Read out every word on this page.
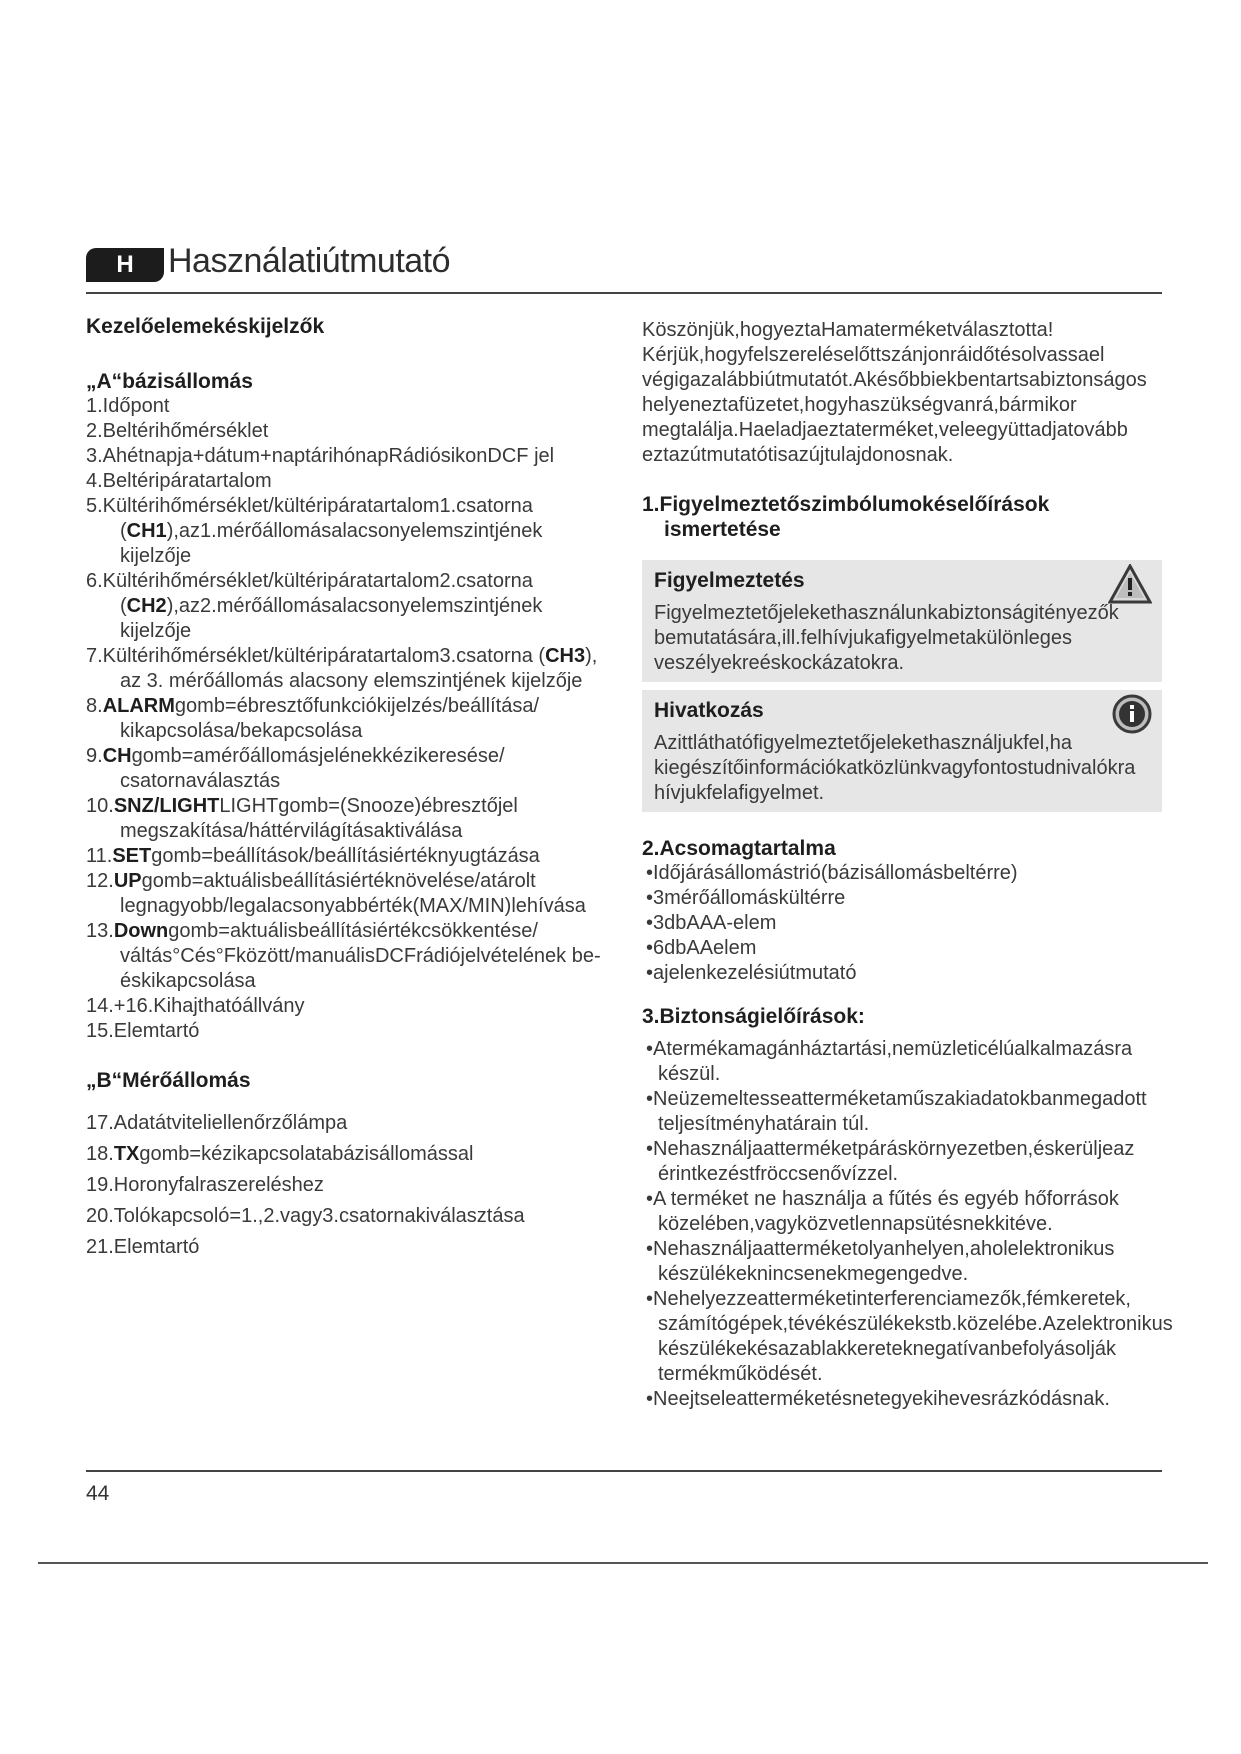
H	Használatiútmutató
Kezelőelemekéskijelzők
„A“bázisállomás
1.Időpont
2.Beltérihőmérséklet
3.Ahétnapja+dátum+naptárihónapRádiósikonDCF jel
4.Beltéripáratartalom
5.Kültérihőmérséklet/kültéripáratartalom1.csatorna (CH1),az1.mérőállomásalacsonyelemszintjének kijelzője
6.Kültérihőmérséklet/kültéripáratartalom2.csatorna (CH2),az2.mérőállomásalacsonyelemszintjének kijelzője
7.Kültérihőmérséklet/kültéripáratartalom3.csatorna (CH3), az 3. mérőállomás alacsony elemszintjének kijelzője
8.ALARMgomb=ébresztőfunkciókijelzés/beállítása/ kikapcsolása/bekapcsolása
9.CHgomb=amérőállomásjelénekkézikeresése/ csatornaválasztás
10.SNZ/LIGHTLIGHTgomb=(Snooze)ébresztőjel megszakítása/háttérvilágításaktiválása
11.SETgomb=beállítások/beállításiértéknyugtázása
12.UPgomb=aktuálisbeállításiértéknövelése/atárolt legnagyobb/legalacsonyabbérték(MAX/MIN)lehívása
13.Downgomb=aktuálisbeállításiértékcsökkentése/ váltás°Cés°Fközött/manuálisDCFrádiójelvételének be-éskikapcsolása
14.+16.Kihajthatóállvány
15.Elemtartó
„B“Mérőállomás
17.Adatátviteliellenőrzőlámpa
18.TXgomb=kézikapcsolatabázisállomással
19.Horonyfalraszereléshez
20.Tolókapcsoló=1.,2.vagy3.csatornakiválasztása
21.Elemtartó
Köszönjük,hogyeztaHamaterméketválasztotta!
Kérjük,hogyfelszereléselőttszánjonráidőtésolvassael
végigazalábbiútmutatót.Akésőbbiekbentartsabiztonságos
helyeneztafüzetet,hogyhaszükségvanrá,bármikor
megtalálja.Haeladjaeztaterméket,veleegyüttadjatovább
eztazútmutatótisazújtulajdonosnak.
1.Figyelmeztetőszimbólumokéselőírások
ismertetése
Figyelmeztetés
Figyelmeztetőjelekethasználunkabiztonságitényezők bemutatására,ill.felhívjukafigyelmetakülönleges veszélyekreéskockázatokra.
Hivatkozás
Azittláthatófigyelmeztetőjelekethasználjukfel,ha kiegészítőinformációkatközlünkvagyfontostudnivalókra hívjukfelafigyelmet.
2.Acsomagtartalma
•Időjárásállomástrió(bázisállomásbeltérre)
•3mérőállomáskültérre
•3dbAAA-elem
•6dbAAelem
•ajelenkezelésiútmutató
3.Biztonságielőírások:
•Atermékamagánháztartási,nemüzleticélúalkalmazásra készül.
•Neüzemeltesseatterméketaműszakiadatokbanmegadott teljesítményhatárain túl.
•Nehasználjaatterméketpáráskörnyezetben,éskerüljeaz érintkezéstfröccsenővízzel.
•A terméket ne használja a fűtés és egyéb hőforrások közelében,vagyközvetlennapsütésnekkitéve.
•Nehasználjaatterméketolyanhelyen,aholelektronikus készülékeknincsenekmegengedve.
•Nehelyezzeatterméketinterferenciamezők,fémkeretek, számítógépek,tévékészülékekstb.közelébe.Azelektronikus készülékekésazablakkereteknegatívanbefolyásolják termékműködését.
•Neejtseleatterméketésnetegyekihevesrázkódásnak.
44
